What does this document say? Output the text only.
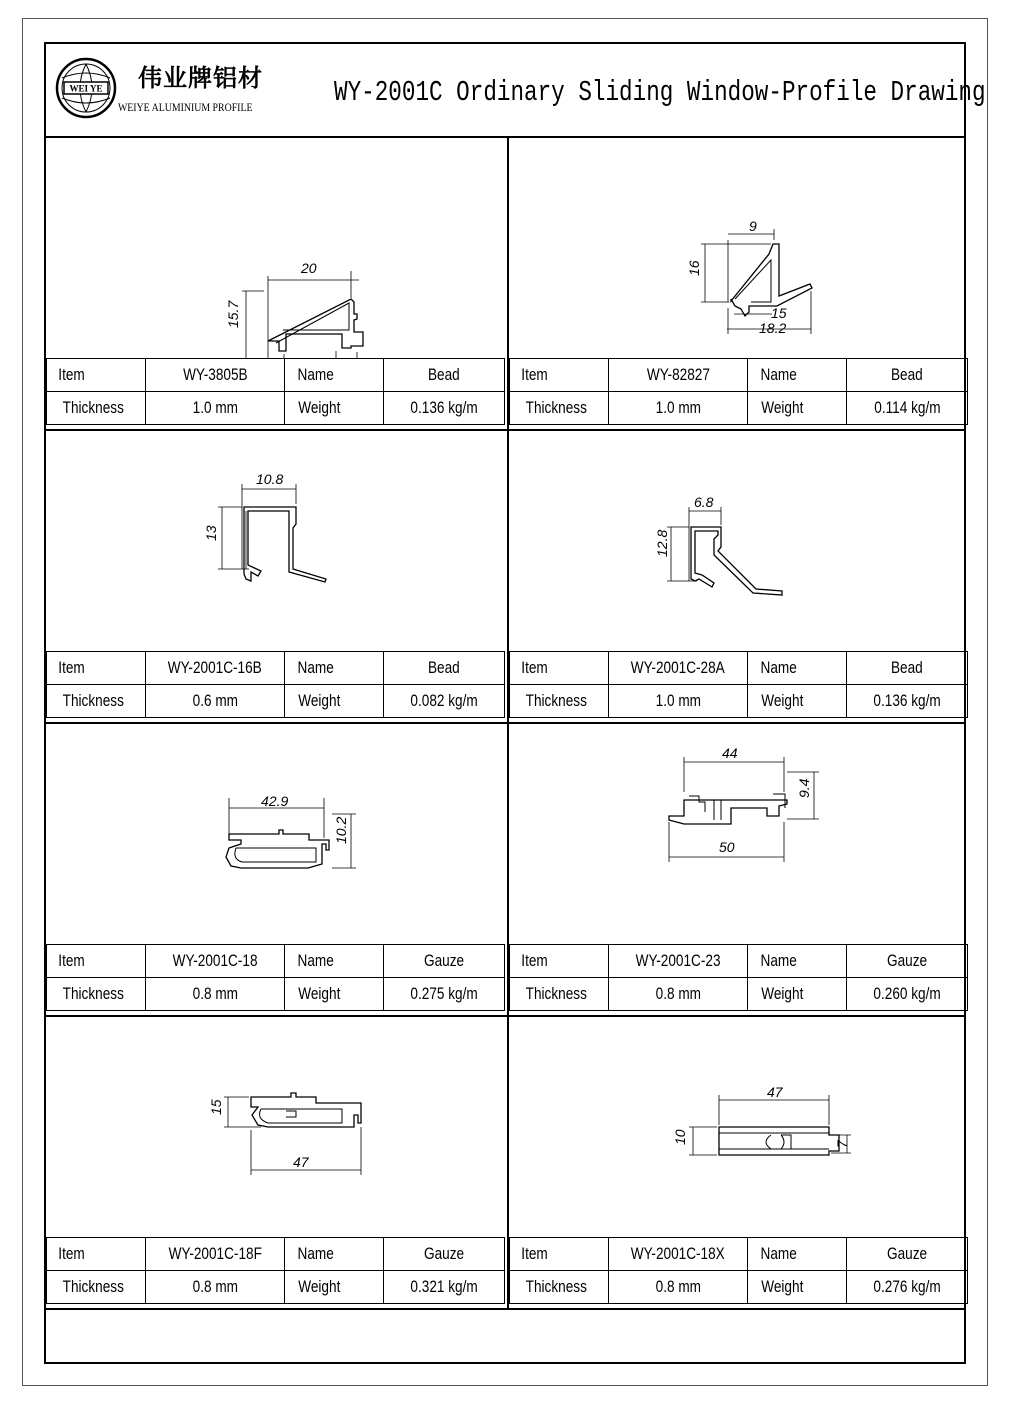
WEI YE 伟业牌铝材
WEIYE ALUMINIUM PROFILE	WY-2001C Ordinary Sliding Window-Profile Drawing
20
15.7
Item	WY-3805B	Name	Bead
Thickness	1.0 mm	Weight	0.136 kg/m
9
16
15
18.2
Item	WY-82827	Name	Bead
Thickness	1.0 mm	Weight	0.114 kg/m
10.8
13
Item	WY-2001C-16B	Name	Bead
Thickness	0.6 mm	Weight	0.082 kg/m
6.8
12.8
Item	WY-2001C-28A	Name	Bead
Thickness	1.0 mm	Weight	0.136 kg/m
42.9
10.2
Item	WY-2001C-18	Name	Gauze
Thickness	0.8 mm	Weight	0.275 kg/m
44
9.4
50
Item	WY-2001C-23	Name	Gauze
Thickness	0.8 mm	Weight	0.260 kg/m
15
47
Item	WY-2001C-18F	Name	Gauze
Thickness	0.8 mm	Weight	0.321 kg/m
47
10	7
Item	WY-2001C-18X	Name	Gauze
Thickness	0.8 mm	Weight	0.276 kg/m
